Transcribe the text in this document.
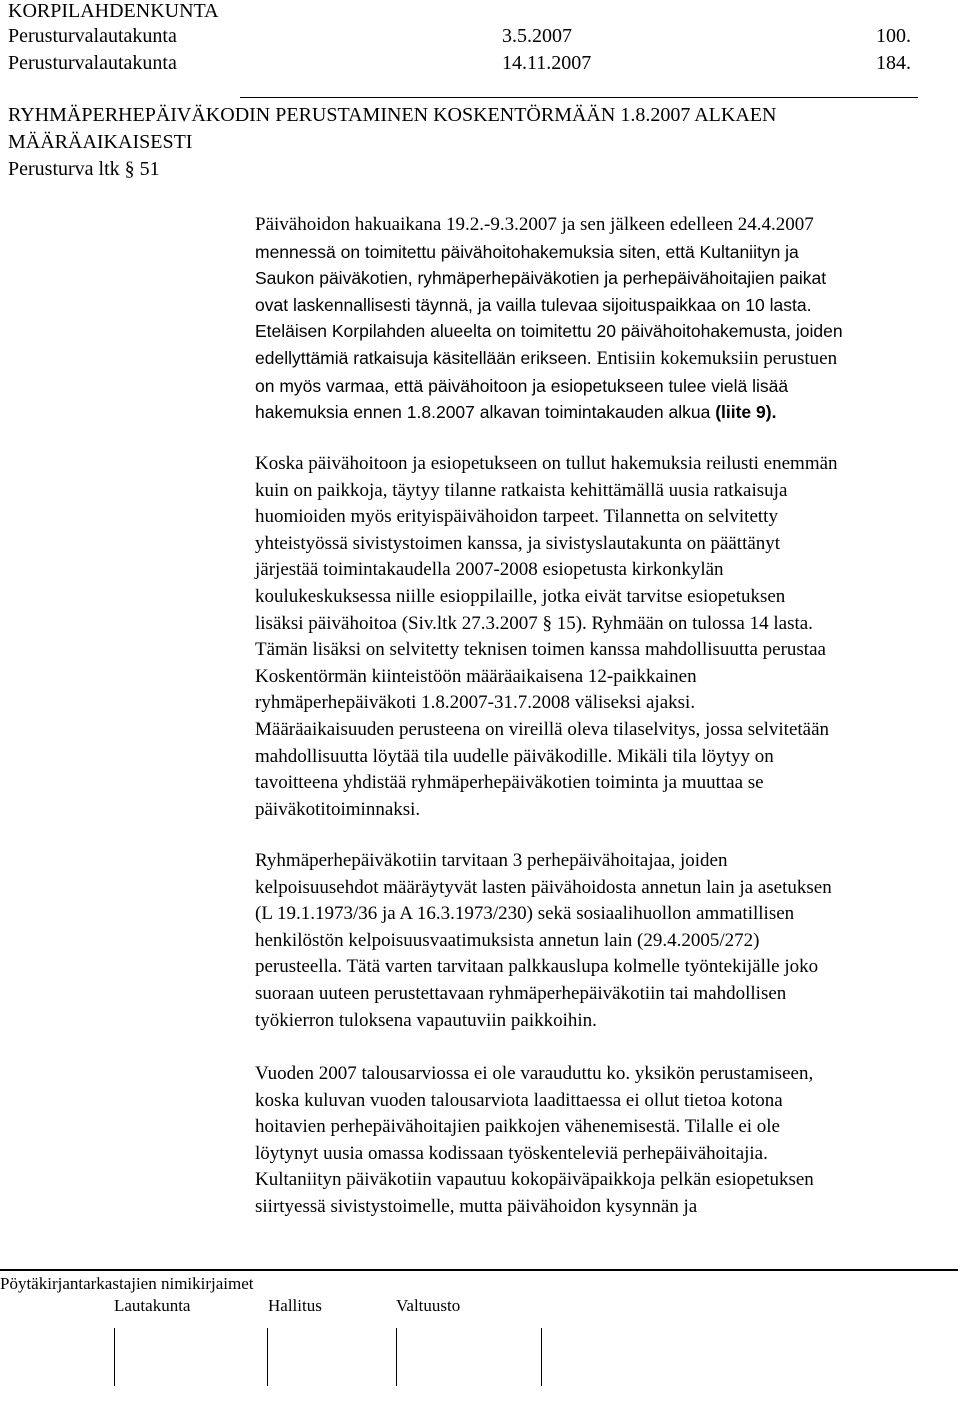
KORPILAHDENKUNTA
Perusturvalautakunta	3.5.2007	100.
Perusturvalautakunta	14.11.2007	184.
RYHMÄPERHEPÄIVÄKODIN PERUSTAMINEN KOSKENTÖRMÄÄN 1.8.2007 ALKAEN
MÄÄRÄAIKAISESTI
Perusturva ltk § 51
Päivähoidon hakuaikana 19.2.-9.3.2007 ja sen jälkeen edelleen 24.4.2007
mennessä on toimitettu päivähoitohakemuksia siten, että Kultaniityn ja
Saukon päiväkotien, ryhmäperhepäiväkotien ja perhepäivähoitajien paikat
ovat laskennallisesti täynnä, ja vailla tulevaa sijoituspaikkaa on 10 lasta.
Eteläisen Korpilahden alueelta on toimitettu 20 päivähoitohakemusta, joiden
edellyttämiä ratkaisuja käsitellään erikseen. Entisiin kokemuksiin perustuen
on myös varmaa, että päivähoitoon ja esiopetukseen tulee vielä lisää
hakemuksia ennen 1.8.2007 alkavan toimintakauden alkua (liite 9).
Koska päivähoitoon ja esiopetukseen on tullut hakemuksia reilusti enemmän
kuin on paikkoja, täytyy tilanne ratkaista kehittämällä uusia ratkaisuja
huomioiden myös erityispäivähoidon tarpeet. Tilannetta on selvitetty
yhteistyössä sivistystoimen kanssa, ja sivistyslautakunta on päättänyt
järjestää toimintakaudella 2007-2008 esiopetusta kirkonkylän
koulukeskuksessa niille esioppilaille, jotka eivät tarvitse esiopetuksen
lisäksi päivähoitoa (Siv.ltk 27.3.2007 § 15). Ryhmään on tulossa 14 lasta.
Tämän lisäksi on selvitetty teknisen toimen kanssa mahdollisuutta perustaa
Koskentörmän kiinteistöön määräaikaisena 12-paikkainen
ryhmäperhepäiväkoti 1.8.2007-31.7.2008 väliseksi ajaksi.
Määräaikaisuuden perusteena on vireillä oleva tilaselvitys, jossa selvitetään
mahdollisuutta löytää tila uudelle päiväkodille. Mikäli tila löytyy on
tavoitteena yhdistää ryhmäperhepäiväkotien toiminta ja muuttaa se
päiväkotitoiminnaksi.
Ryhmäperhepäiväkotiin tarvitaan 3 perhepäivähoitajaa, joiden
kelpoisuusehdot määräytyvät lasten päivähoidosta annetun lain ja asetuksen
(L 19.1.1973/36 ja A 16.3.1973/230) sekä sosiaalihuollon ammatillisen
henkilöstön kelpoisuusvaatimuksista annetun lain (29.4.2005/272)
perusteella. Tätä varten tarvitaan palkkauslupa kolmelle työntekijälle joko
suoraan uuteen perustettavaan ryhmäperhepäiväkotiin tai mahdollisen
työkierron tuloksena vapautuviin paikkoihin.
Vuoden 2007 talousarviossa ei ole varauduttu ko. yksikön perustamiseen,
koska kuluvan vuoden talousarviota laadittaessa ei ollut tietoa kotona
hoitavien perhepäivähoitajien paikkojen vähenemisestä. Tilalle ei ole
löytynyt uusia omassa kodissaan työskenteleviä perhepäivähoitajia.
Kultaniityn päiväkotiin vapautuu kokopäiväpaikkoja pelkän esiopetuksen
siirtyessä sivistystoimelle, mutta päivähoidon kysynnän ja
Pöytäkirjantarkastajien nimikirjaimet
Lautakunta	Hallitus	Valtuusto
